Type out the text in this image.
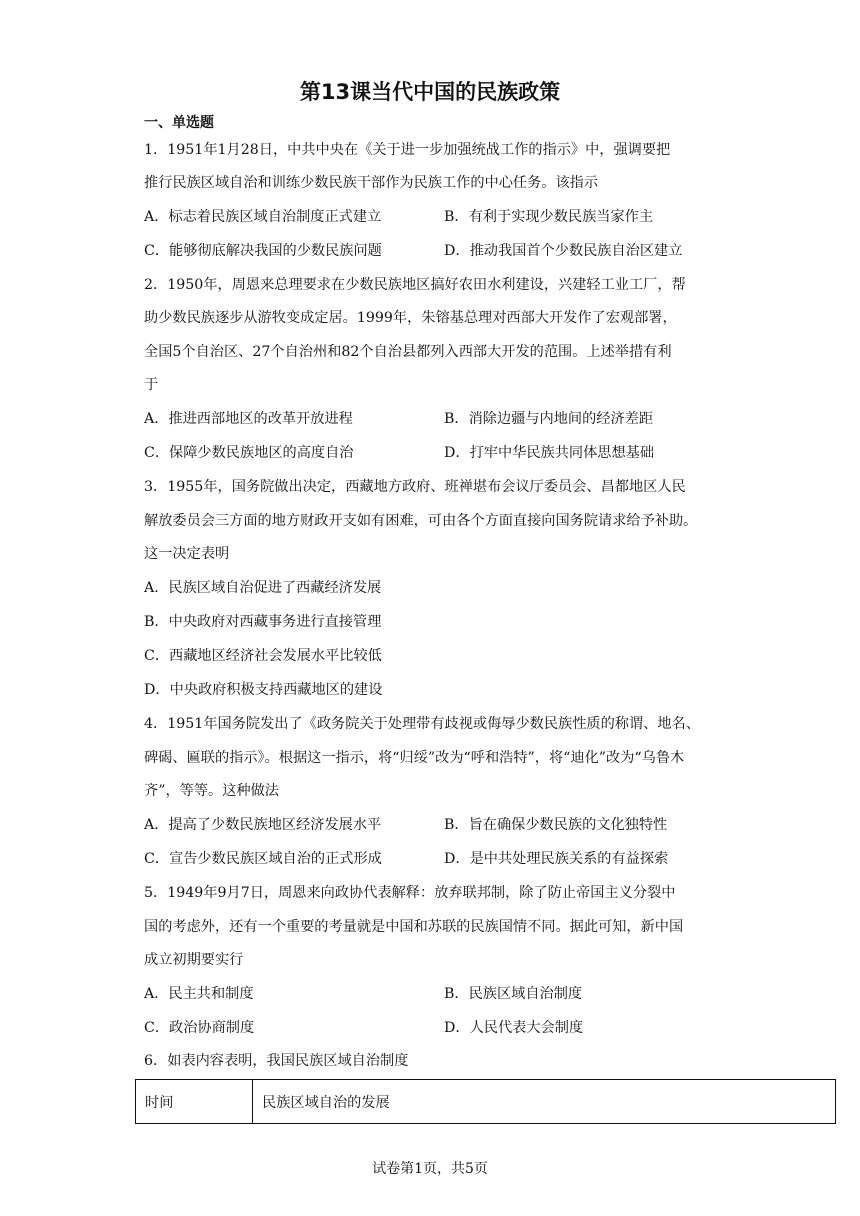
第13课当代中国的民族政策
一、单选题
1．1951年1月28日，中共中央在《关于进一步加强统战工作的指示》中，强调要把
推行民族区域自治和训练少数民族干部作为民族工作的中心任务。该指示
A．标志着民族区域自治制度正式建立	B．有利于实现少数民族当家作主
C．能够彻底解决我国的少数民族问题	D．推动我国首个少数民族自治区建立
2．1950年，周恩来总理要求在少数民族地区搞好农田水利建设，兴建轻工业工厂，帮
助少数民族逐步从游牧变成定居。1999年，朱镕基总理对西部大开发作了宏观部署，
全国5个自治区、27个自治州和82个自治县都列入西部大开发的范围。上述举措有利
于
A．推进西部地区的改革开放进程	B．消除边疆与内地间的经济差距
C．保障少数民族地区的高度自治	D．打牢中华民族共同体思想基础
3．1955年，国务院做出决定，西藏地方政府、班禅堪布会议厅委员会、昌都地区人民
解放委员会三方面的地方财政开支如有困难，可由各个方面直接向国务院请求给予补助。
这一决定表明
A．民族区域自治促进了西藏经济发展
B．中央政府对西藏事务进行直接管理
C．西藏地区经济社会发展水平比较低
D．中央政府积极支持西藏地区的建设
4．1951年国务院发出了《政务院关于处理带有歧视或侮辱少数民族性质的称谓、地名、
碑碣、匾联的指示》。根据这一指示，将“归绥”改为“呼和浩特”，将“迪化”改为“乌鲁木
齐”，等等。这种做法
A．提高了少数民族地区经济发展水平	B．旨在确保少数民族的文化独特性
C．宣告少数民族区域自治的正式形成	D．是中共处理民族关系的有益探索
5．1949年9月7日，周恩来向政协代表解释：放弃联邦制，除了防止帝国主义分裂中
国的考虑外，还有一个重要的考量就是中国和苏联的民族国情不同。据此可知，新中国
成立初期要实行
A．民主共和制度	B．民族区域自治制度
C．政治协商制度	D．人民代表大会制度
6．如表内容表明，我国民族区域自治制度
时间	民族区域自治的发展
试卷第1页，共5页
